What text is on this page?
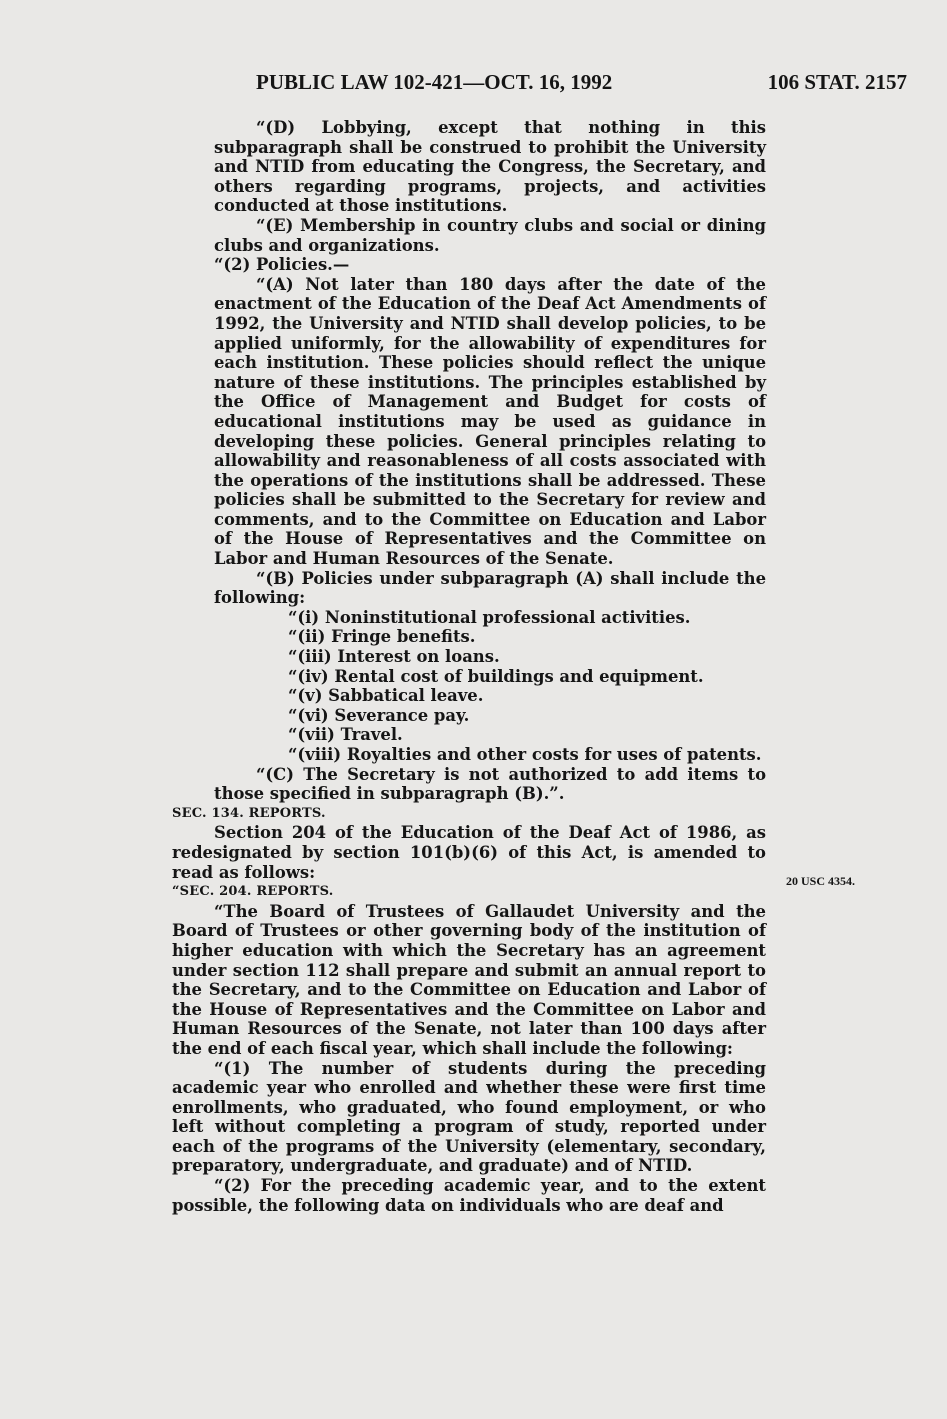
PUBLIC LAW 102-421—OCT. 16, 1992	106 STAT. 2157

“(D) Lobbying, except that nothing in this subparagraph shall be construed to prohibit the University and NTID from educating the Congress, the Secretary, and others regarding programs, projects, and activities conducted at those institutions.

“(E) Membership in country clubs and social or dining clubs and organizations.

“(2) Policies.—

“(A) Not later than 180 days after the date of the enactment of the Education of the Deaf Act Amendments of 1992, the University and NTID shall develop policies, to be applied uniformly, for the allowability of expenditures for each institution. These policies should reflect the unique nature of these institutions. The principles established by the Office of Management and Budget for costs of educational institutions may be used as guidance in developing these policies. General principles relating to allowability and reasonableness of all costs associated with the operations of the institutions shall be addressed. These policies shall be submitted to the Secretary for review and comments, and to the Committee on Education and Labor of the House of Representatives and the Committee on Labor and Human Resources of the Senate.

“(B) Policies under subparagraph (A) shall include the following:

“(i) Noninstitutional professional activities.

“(ii) Fringe benefits.

“(iii) Interest on loans.

“(iv) Rental cost of buildings and equipment.

“(v) Sabbatical leave.

“(vi) Severance pay.

“(vii) Travel.

“(viii) Royalties and other costs for uses of patents.

“(C) The Secretary is not authorized to add items to those specified in subparagraph (B).”.

SEC. 134. REPORTS.

Section 204 of the Education of the Deaf Act of 1986, as redesignated by section 101(b)(6) of this Act, is amended to read as follows:

“SEC. 204. REPORTS.

“The Board of Trustees of Gallaudet University and the Board of Trustees or other governing body of the institution of higher education with which the Secretary has an agreement under section 112 shall prepare and submit an annual report to the Secretary, and to the Committee on Education and Labor of the House of Representatives and the Committee on Labor and Human Resources of the Senate, not later than 100 days after the end of each fiscal year, which shall include the following:

“(1) The number of students during the preceding academic year who enrolled and whether these were first time enrollments, who graduated, who found employment, or who left without completing a program of study, reported under each of the programs of the University (elementary, secondary, preparatory, undergraduate, and graduate) and of NTID.

“(2) For the preceding academic year, and to the extent possible, the following data on individuals who are deaf and

20 USC 4354.
